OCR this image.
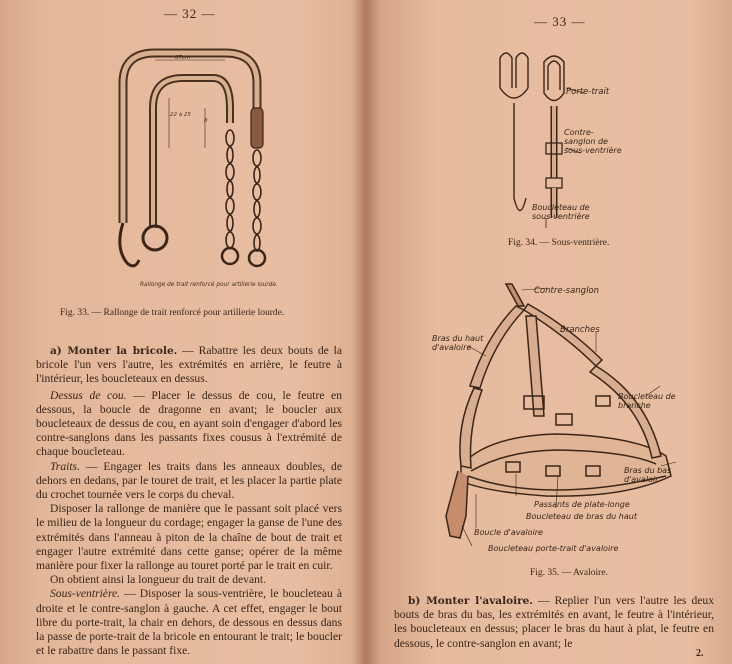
— 32 —
Rallonge de trait renforcé pour artillerie lourde.
67cm
22 à 25
8
Fig. 33. — Rallonge de trait renforcé pour artillerie lourde.

a) Monter la bricole. — Rabattre les deux bouts de la bricole l'un vers l'autre, les extrémités en arrière, le feutre à l'intérieur, les boucleteaux en dessus.

Dessus de cou. — Placer le dessus de cou, le feutre en dessous, la boucle de dragonne en avant; le boucler aux boucleteaux de dessus de cou, en ayant soin d'engager d'abord les contre-sanglons dans les passants fixes cousus à l'extrémité de chaque boucleteau.

Traits. — Engager les traits dans les anneaux doubles, de dehors en dedans, par le touret de trait, et les placer la partie plate du crochet tournée vers le corps du cheval.

Disposer la rallonge de manière que le passant soit placé vers le milieu de la longueur du cordage; engager la ganse de l'une des extrémités dans l'anneau à piton de la chaîne de bout de trait et engager l'autre extrémité dans cette ganse; opérer de la même manière pour fixer la rallonge au touret porté par le trait en cuir.

On obtient ainsi la longueur du trait de devant.

Sous-ventrière. — Disposer la sous-ventrière, le boucleteau à droite et le contre-sanglon à gauche. A cet effet, engager le bout libre du porte-trait, la chair en dehors, de dessous en dessus dans la passe de porte-trait de la bricole en entourant le trait; le boucler et le rabattre dans le passant fixe.

— 33 —
Porte-trait
Contre-sanglon de sous-ventrière
Boucleteau de sous-ventrière
Fig. 34. — Sous-ventrière.
Contre-sanglon
Bras du haut d'avaloire
Branches
Boucleteau de branche
Bras du bas d'avaloir
Passants de plate-longe
Boucleteau de bras du haut
Boucle d'avaloire
Boucleteau porte-trait d'avaloire
Fig. 35. — Avaloire.

b) Monter l'avaloire. — Replier l'un vers l'autre les deux bouts de bras du bas, les extrémités en avant, le feutre à l'intérieur, les boucleteaux en dessus; placer le bras du haut à plat, le feutre en dessous, le contre-sanglon en avant; le

2.
